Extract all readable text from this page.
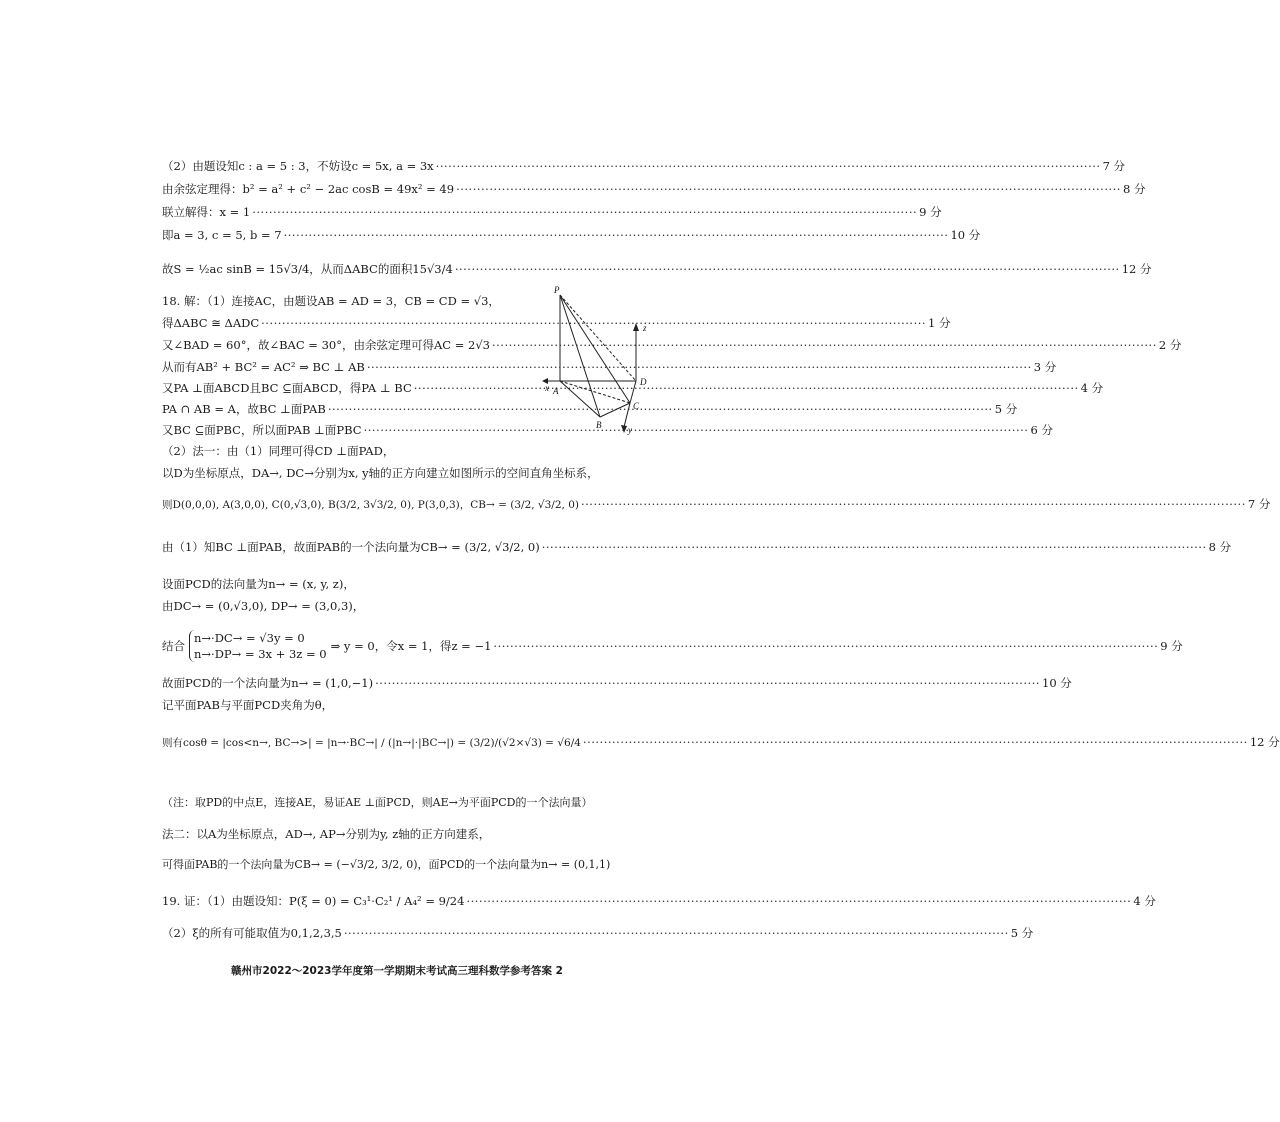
（2）由题设知c : a = 5 : 3，不妨设c = 5x, a = 3x ·····	7 分
由余弦定理得：b² = a² + c² − 2ac cosB = 49x² = 49 ·····	8 分
联立解得：x = 1 ·····	9 分
即a = 3, c = 5, b = 7 ·····	10 分
故S = ½ac sinB = 15√3/4，从而ΔABC的面积15√3/4 ·····	12 分
18. 解：（1）连接AC，由题设AB = AD = 3，CB = CD = √3，
得ΔABC ≅ ΔADC ·····	1 分
又∠BAD = 60°，故∠BAC = 30°，由余弦定理可得AC = 2√3 ·····	2 分
从而有AB² + BC² = AC² ⇒ BC ⊥ AB ·····	3 分
又PA ⊥面ABCD且BC ⊆面ABCD，得PA ⊥ BC ·····	4 分
PA ∩ AB = A，故BC ⊥面PAB ·····	5 分
又BC ⊆面PBC，所以面PAB ⊥面PBC ·····	6 分
（2）法一：由（1）同理可得CD ⊥面PAD，
以D为坐标原点，DA→, DC→分别为x, y轴的正方向建立如图所示的空间直角坐标系，
则D(0,0,0), A(3,0,0), C(0,√3,0), B(3/2, 3√3/2, 0), P(3,0,3)，CB→ = (3/2, √3/2, 0) ·····	7 分
由（1）知BC ⊥面PAB，故面PAB的一个法向量为CB→ = (3/2, √3/2, 0) ·····	8 分
设面PCD的法向量为n→ = (x, y, z)，
由DC→ = (0,√3,0), DP→ = (3,0,3)，
结合
n→·DC→ = √3y = 0
n→·DP→ = 3x + 3z = 0
⇒ y = 0，令x = 1，得z = −1 ·····	9 分
故面PCD的一个法向量为n→ = (1,0,−1) ·····	10 分
记平面PAB与平面PCD夹角为θ，
则有cosθ = |cos<n→, BC→>| = |n→·BC→| / (|n→|·|BC→|) = (3/2)/(√2×√3) = √6/4 ·····	12 分
（注：取PD的中点E，连接AE，易证AE ⊥面PCD，则AE→为平面PCD的一个法向量）
法二：以A为坐标原点，AD→, AP→分别为y, z轴的正方向建系，
可得面PAB的一个法向量为CB→ = (−√3/2, 3/2, 0)，面PCD的一个法向量为n→ = (0,1,1)
19. 证：（1）由题设知：P(ξ = 0) = C₃¹·C₂¹ / A₄² = 9/24 ·····	4 分
（2）ξ的所有可能取值为0,1,2,3,5 ·····	5 分
P
A
B
C
D
x
y
z
赣州市2022～2023学年度第一学期期末考试高三理科数学参考答案 2
